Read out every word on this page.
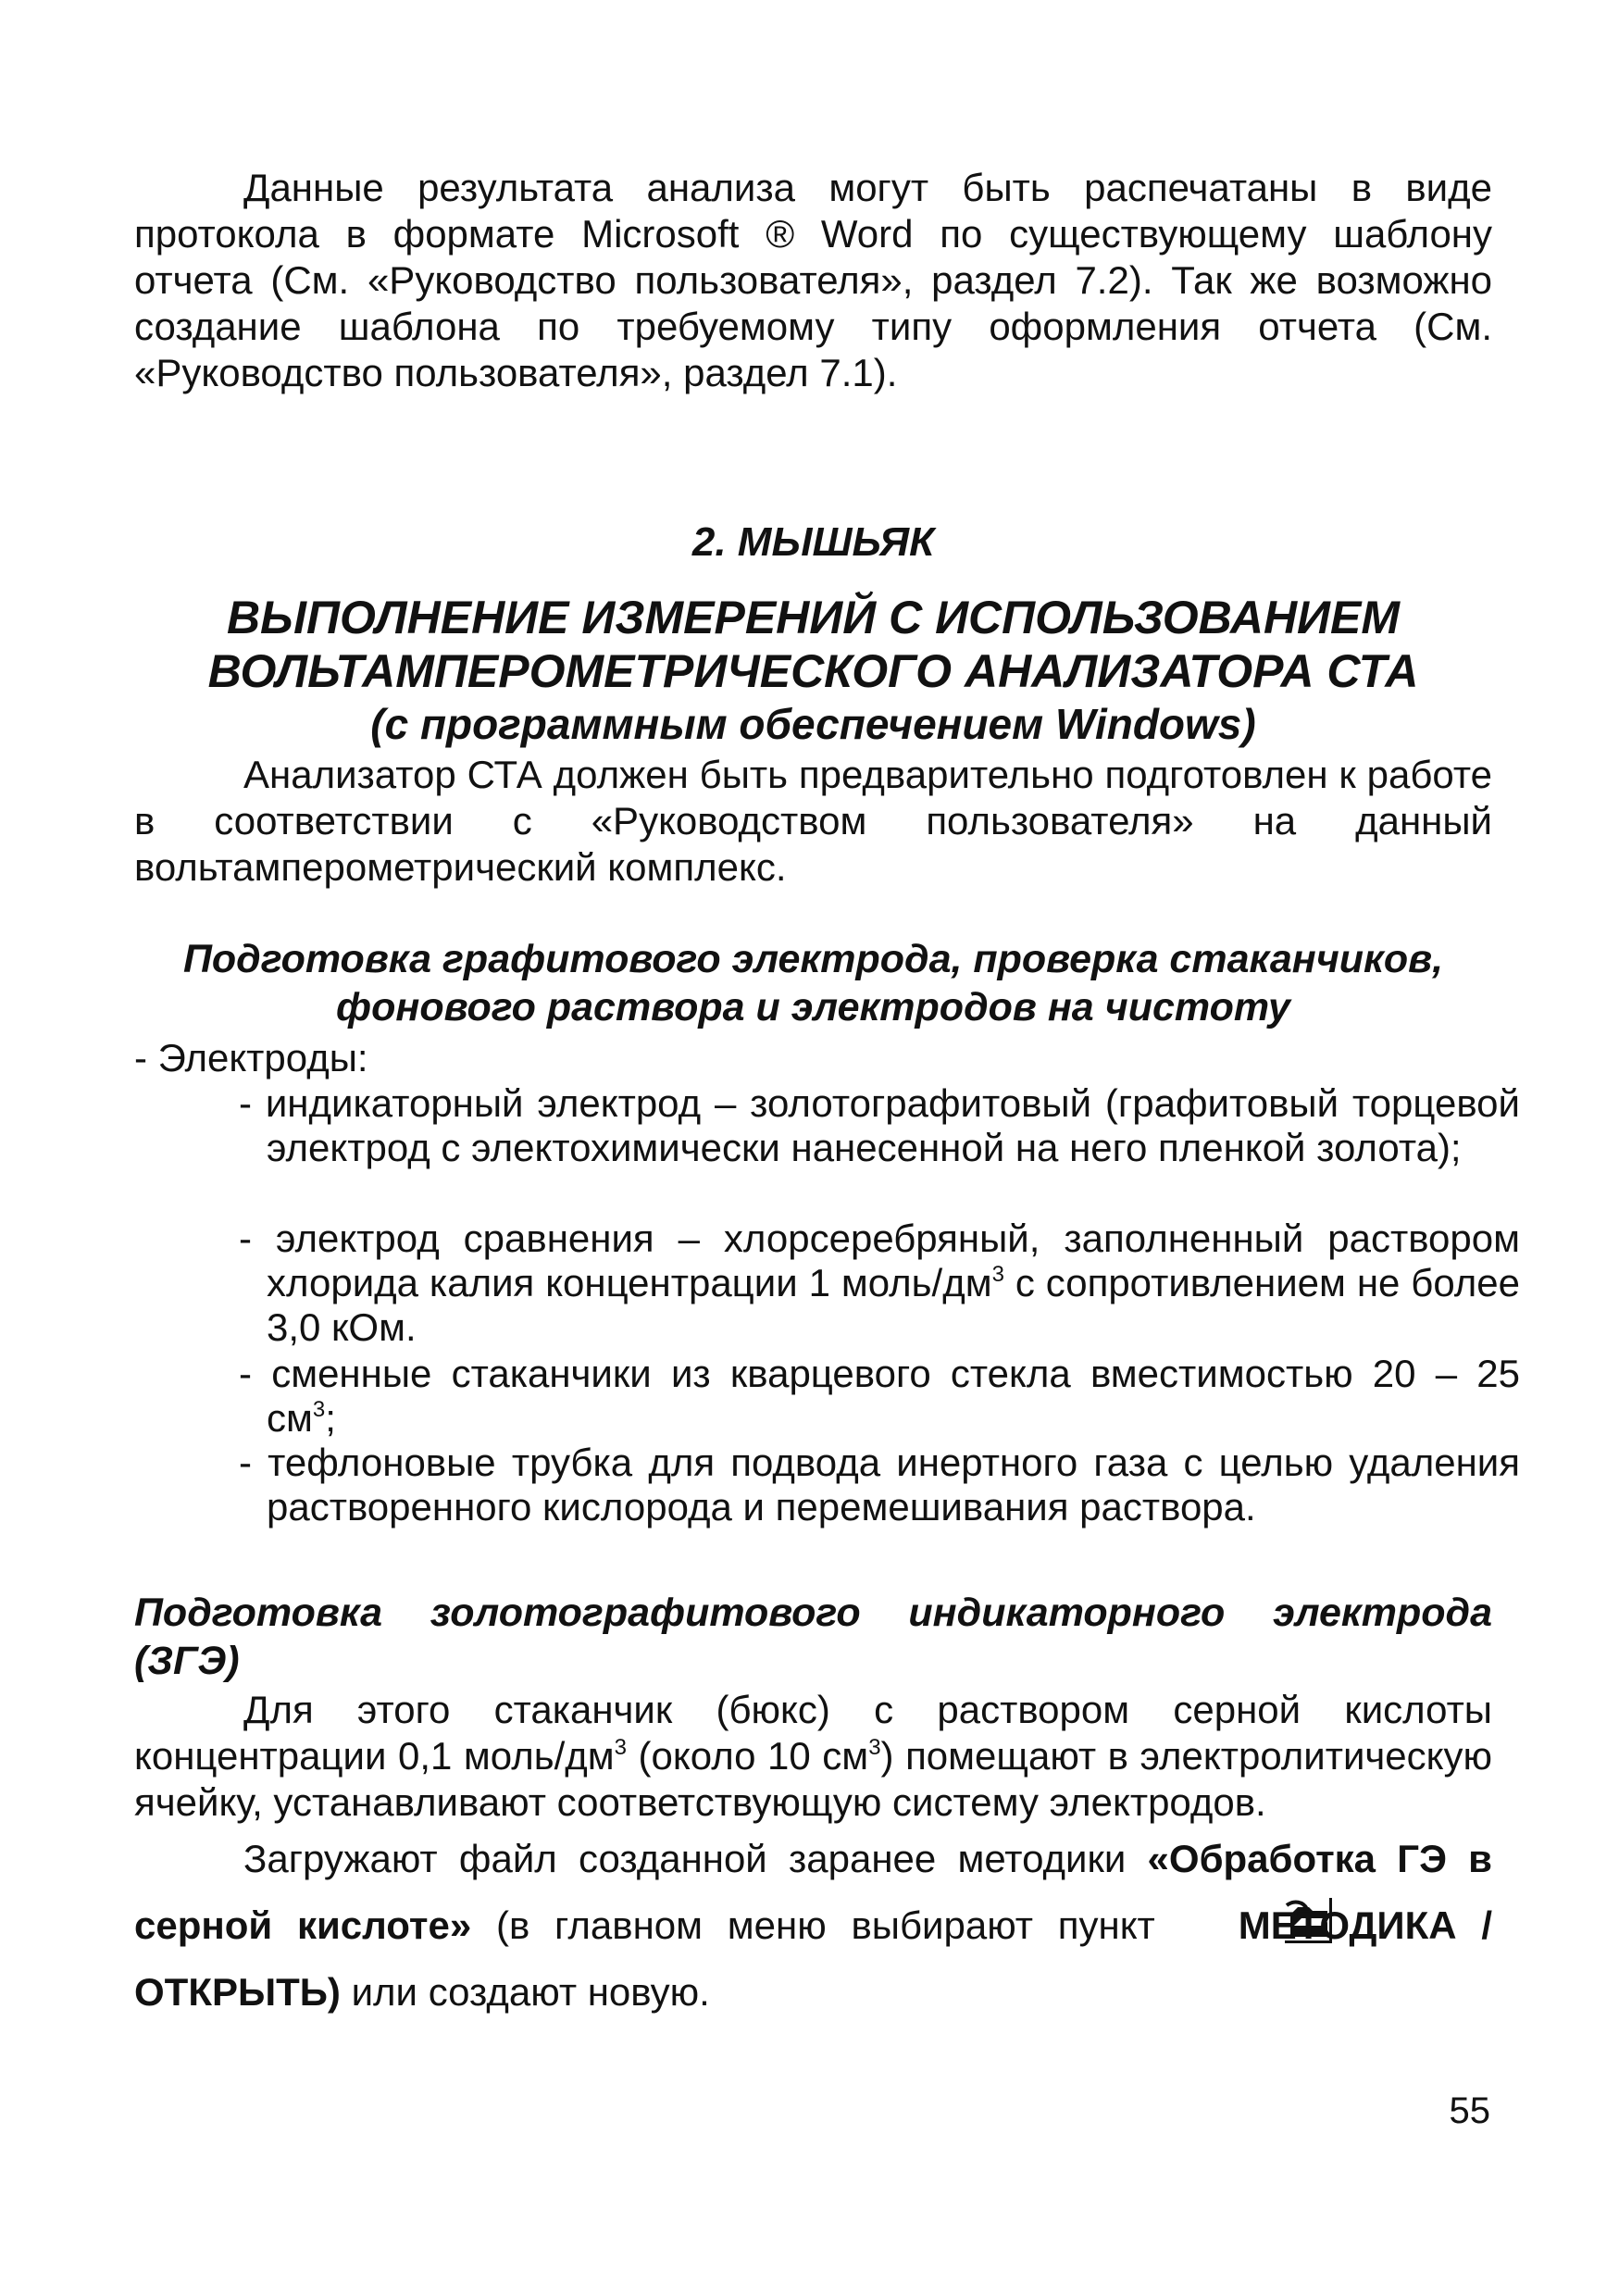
Данные результата анализа могут быть распечатаны в виде протокола в формате Microsoft ® Word по существующему шаблону отчета (См. «Руководство пользователя», раздел 7.2). Так же возможно создание шаблона по требуемому типу оформления отчета (См. «Руководство пользователя», раздел 7.1).
2. МЫШЬЯК
ВЫПОЛНЕНИЕ ИЗМЕРЕНИЙ С ИСПОЛЬЗОВАНИЕМ
ВОЛЬТАМПЕРОМЕТРИЧЕСКОГО АНАЛИЗАТОРА СТА
(с программным обеспечением Windows)
Анализатор СТА должен быть предварительно подготовлен к работе в соответствии с «Руководством пользователя» на данный вольтамперометрический комплекс.
Подготовка графитового электрода, проверка стаканчиков,
фонового раствора и электродов на чистоту
- Электроды:
- индикаторный электрод – золотографитовый (графитовый торцевой электрод с электохимически нанесенной на него пленкой золота);
- электрод сравнения – хлорсеребряный, заполненный раствором хлорида калия концентрации 1 моль/$дм^3$ с сопротивлением не более 3,0 кОм.
- сменные стаканчики из кварцевого стекла вместимостью 20 – 25 $см^3$;
- тефлоновые трубка для подвода инертного газа с целью удаления растворенного кислорода и перемешивания раствора.
Подготовка золотографитового индикаторного электрода (ЗГЭ)
Для этого стаканчик (бюкс) с раствором серной кислоты концентрации 0,1 моль/$дм^3$ (около 10 $см^3$) помещают в электролитическую ячейку, устанавливают соответствующую систему электродов.
Загружают файл созданной заранее методики «Обработка ГЭ в серной кислоте» (в главном меню выбирают пункт МЕТОДИКА / ОТКРЫТЬ) или создают новую.
55
